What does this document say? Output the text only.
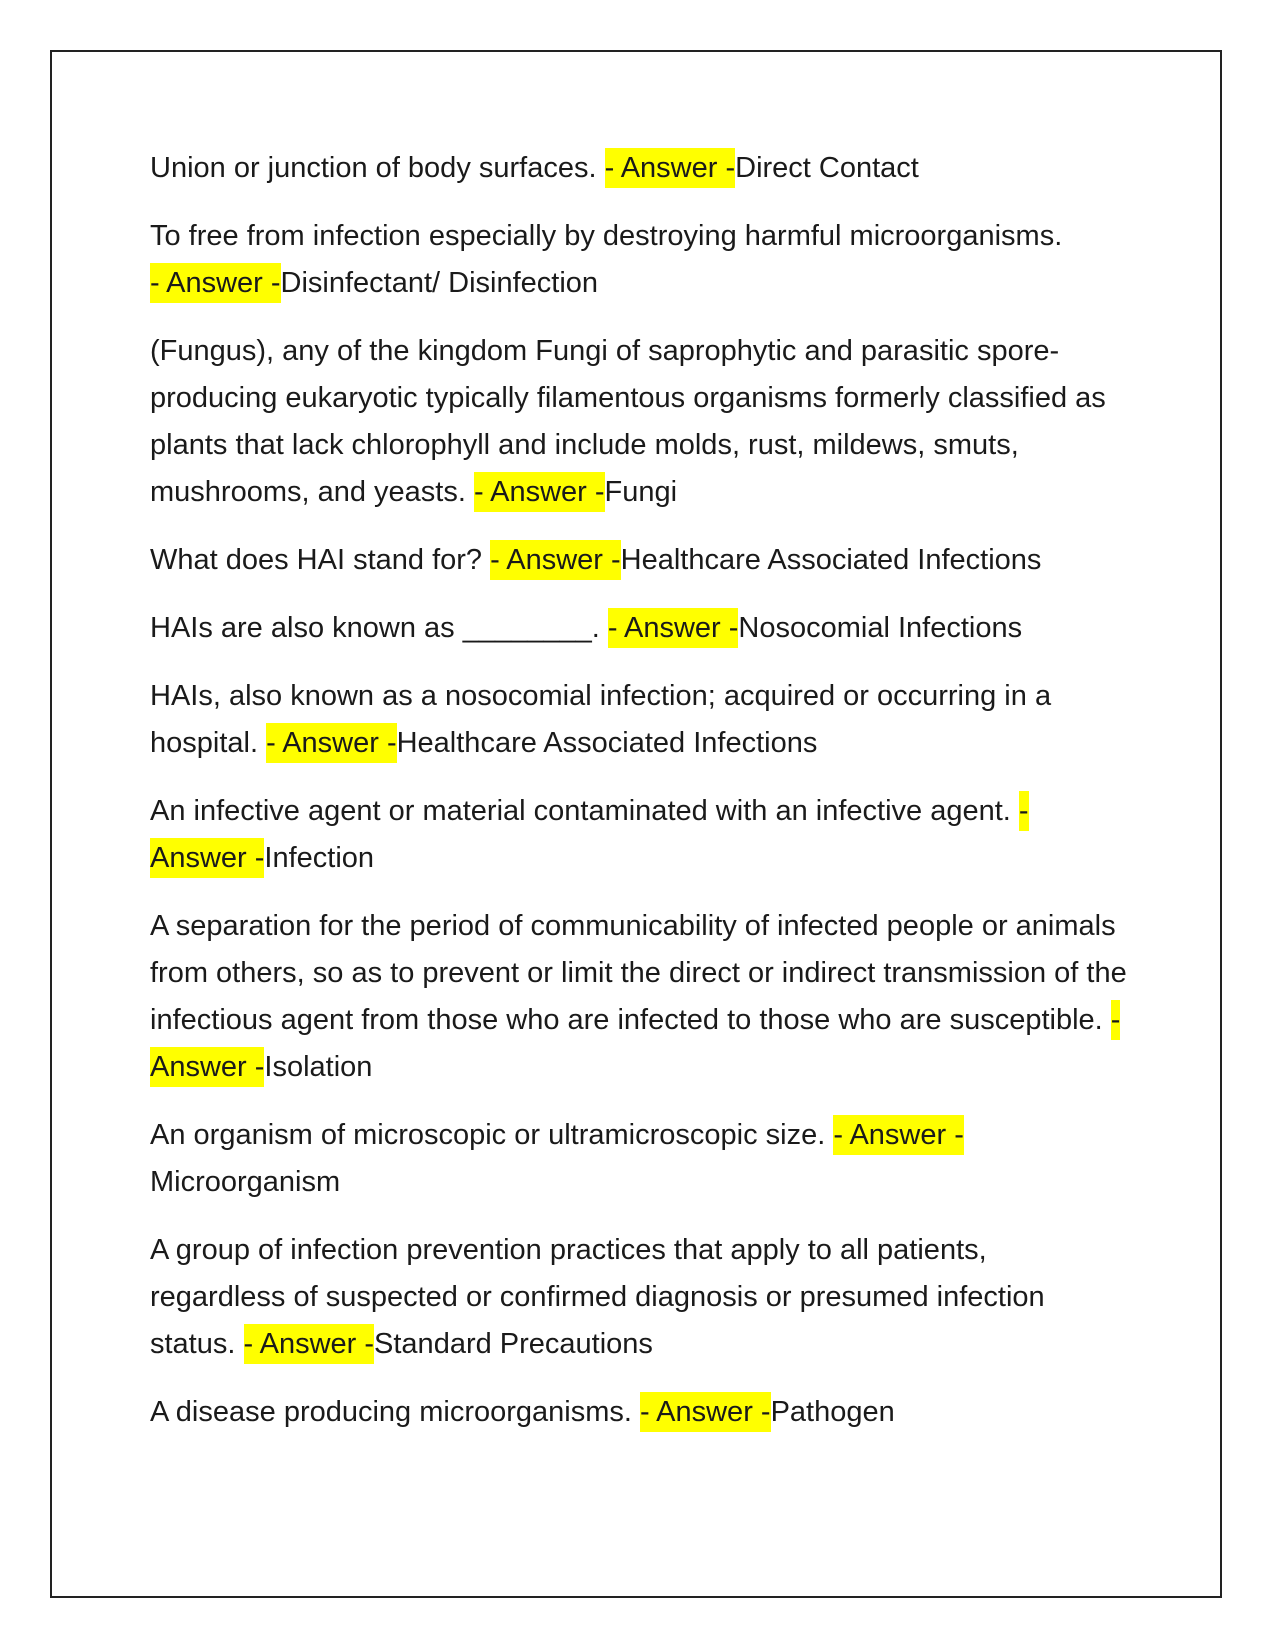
Union or junction of body surfaces. - Answer -Direct Contact

To free from infection especially by destroying harmful microorganisms.
- Answer -Disinfectant/ Disinfection

(Fungus), any of the kingdom Fungi of saprophytic and parasitic spore-producing eukaryotic typically filamentous organisms formerly classified as plants that lack chlorophyll and include molds, rust, mildews, smuts, mushrooms, and yeasts. - Answer -Fungi

What does HAI stand for? - Answer -Healthcare Associated Infections

HAIs are also known as ________. - Answer -Nosocomial Infections

HAIs, also known as a nosocomial infection; acquired or occurring in a hospital. - Answer -Healthcare Associated Infections

An infective agent or material contaminated with an infective agent. - Answer -Infection

A separation for the period of communicability of infected people or animals from others, so as to prevent or limit the direct or indirect transmission of the infectious agent from those who are infected to those who are susceptible. - Answer -Isolation

An organism of microscopic or ultramicroscopic size. - Answer -
Microorganism

A group of infection prevention practices that apply to all patients, regardless of suspected or confirmed diagnosis or presumed infection status. - Answer -Standard Precautions

A disease producing microorganisms. - Answer -Pathogen
